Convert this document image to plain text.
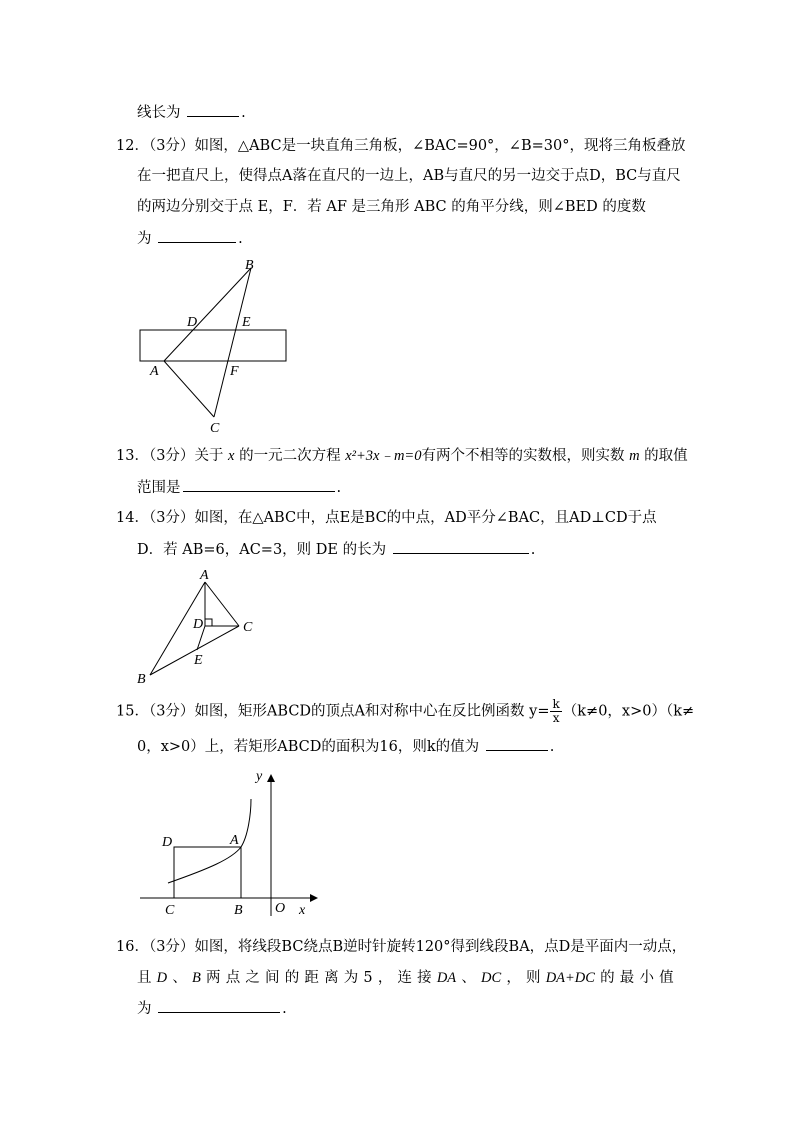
线长为	.
12．（3分）如图，△ABC是一块直角三角板，∠BAC=90°，∠B=30°，现将三角板叠放
在一把直尺上，使得点A落在直尺的一边上，AB与直尺的另一边交于点D，BC与直尺
的两边分别交于点 E，F．若 AF 是三角形 ABC 的角平分线，则∠BED 的度数
为	.
B
D	E
A	F
C
13．（3分）关于 x 的一元二次方程 x²+3x﹣m=0有两个不相等的实数根，则实数 m 的取值
范围是	.
14．（3分）如图，在△ABC中，点E是BC的中点，AD平分∠BAC，且AD⊥CD于点
D．若 AB=6，AC=3，则 DE 的长为	.
A
D	C
E
B
15．（3分）如图，矩形ABCD的顶点A和对称中心在反比例函数 $y= \frac{k}{x} (k\ne 0$，x>0）（k≠
0，x>0）上，若矩形ABCD的面积为16，则k的值为	.
y
D	A
C	B O x
16．（3分）如图，将线段BC绕点B逆时针旋转120°得到线段BA，点D是平面内一动点，
且 D 、 B 两 点 之 间 的 距 离 为 5 ， 连 接 DA 、 DC ， 则 DA+DC 的 最 小 值
为	.
